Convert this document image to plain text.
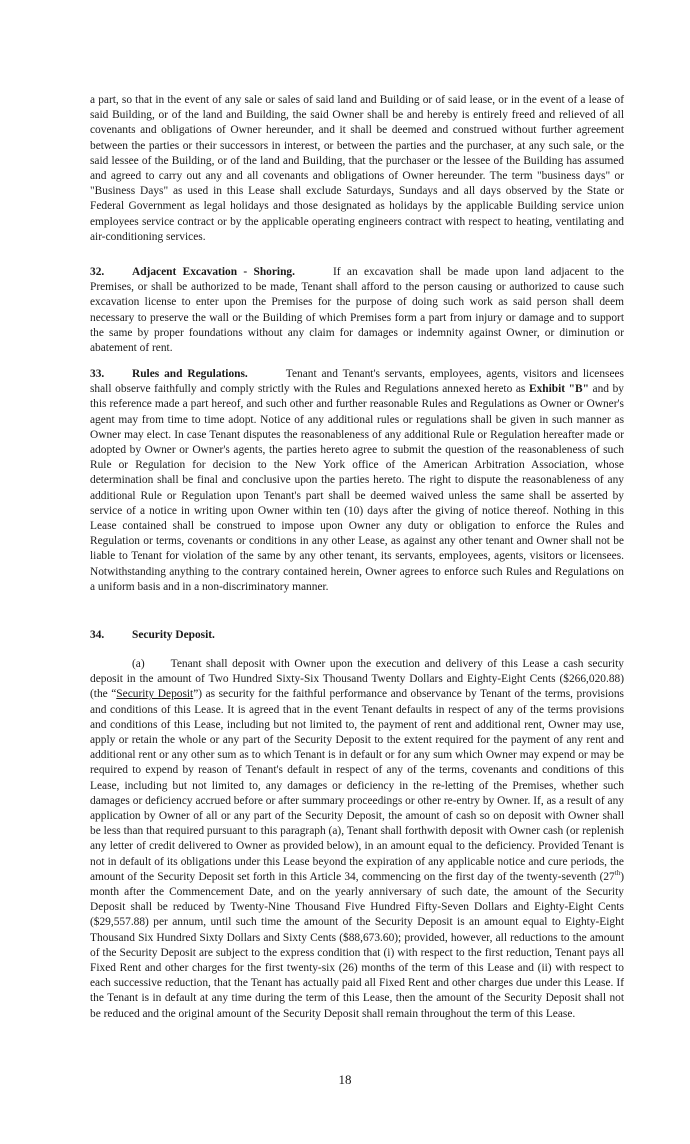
a part, so that in the event of any sale or sales of said land and Building or of said lease, or in the event of a lease of said Building, or of the land and Building, the said Owner shall be and hereby is entirely freed and relieved of all covenants and obligations of Owner hereunder, and it shall be deemed and construed without further agreement between the parties or their successors in interest, or between the parties and the purchaser, at any such sale, or the said lessee of the Building, or of the land and Building, that the purchaser or the lessee of the Building has assumed and agreed to carry out any and all covenants and obligations of Owner hereunder. The term "business days" or "Business Days" as used in this Lease shall exclude Saturdays, Sundays and all days observed by the State or Federal Government as legal holidays and those designated as holidays by the applicable Building service union employees service contract or by the applicable operating engineers contract with respect to heating, ventilating and air-conditioning services.
32. Adjacent Excavation - Shoring.	If an excavation shall be made upon land adjacent to the Premises, or shall be authorized to be made, Tenant shall afford to the person causing or authorized to cause such excavation license to enter upon the Premises for the purpose of doing such work as said person shall deem necessary to preserve the wall or the Building of which Premises form a part from injury or damage and to support the same by proper foundations without any claim for damages or indemnity against Owner, or diminution or abatement of rent.
33. Rules and Regulations.	Tenant and Tenant's servants, employees, agents, visitors and licensees shall observe faithfully and comply strictly with the Rules and Regulations annexed hereto as Exhibit "B" and by this reference made a part hereof, and such other and further reasonable Rules and Regulations as Owner or Owner's agent may from time to time adopt. Notice of any additional rules or regulations shall be given in such manner as Owner may elect. In case Tenant disputes the reasonableness of any additional Rule or Regulation hereafter made or adopted by Owner or Owner's agents, the parties hereto agree to submit the question of the reasonableness of such Rule or Regulation for decision to the New York office of the American Arbitration Association, whose determination shall be final and conclusive upon the parties hereto. The right to dispute the reasonableness of any additional Rule or Regulation upon Tenant's part shall be deemed waived unless the same shall be asserted by service of a notice in writing upon Owner within ten (10) days after the giving of notice thereof. Nothing in this Lease contained shall be construed to impose upon Owner any duty or obligation to enforce the Rules and Regulation or terms, covenants or conditions in any other Lease, as against any other tenant and Owner shall not be liable to Tenant for violation of the same by any other tenant, its servants, employees, agents, visitors or licensees. Notwithstanding anything to the contrary contained herein, Owner agrees to enforce such Rules and Regulations on a uniform basis and in a non-discriminatory manner.
34. Security Deposit.
(a) Tenant shall deposit with Owner upon the execution and delivery of this Lease a cash security deposit in the amount of Two Hundred Sixty-Six Thousand Twenty Dollars and Eighty-Eight Cents ($266,020.88) (the “Security Deposit”) as security for the faithful performance and observance by Tenant of the terms, provisions and conditions of this Lease. It is agreed that in the event Tenant defaults in respect of any of the terms provisions and conditions of this Lease, including but not limited to, the payment of rent and additional rent, Owner may use, apply or retain the whole or any part of the Security Deposit to the extent required for the payment of any rent and additional rent or any other sum as to which Tenant is in default or for any sum which Owner may expend or may be required to expend by reason of Tenant's default in respect of any of the terms, covenants and conditions of this Lease, including but not limited to, any damages or deficiency in the re-letting of the Premises, whether such damages or deficiency accrued before or after summary proceedings or other re-entry by Owner. If, as a result of any application by Owner of all or any part of the Security Deposit, the amount of cash so on deposit with Owner shall be less than that required pursuant to this paragraph (a), Tenant shall forthwith deposit with Owner cash (or replenish any letter of credit delivered to Owner as provided below), in an amount equal to the deficiency. Provided Tenant is not in default of its obligations under this Lease beyond the expiration of any applicable notice and cure periods, the amount of the Security Deposit set forth in this Article 34, commencing on the first day of the twenty-seventh (27th) month after the Commencement Date, and on the yearly anniversary of such date, the amount of the Security Deposit shall be reduced by Twenty-Nine Thousand Five Hundred Fifty-Seven Dollars and Eighty-Eight Cents ($29,557.88) per annum, until such time the amount of the Security Deposit is an amount equal to Eighty-Eight Thousand Six Hundred Sixty Dollars and Sixty Cents ($88,673.60); provided, however, all reductions to the amount of the Security Deposit are subject to the express condition that (i) with respect to the first reduction, Tenant pays all Fixed Rent and other charges for the first twenty-six (26) months of the term of this Lease and (ii) with respect to each successive reduction, that the Tenant has actually paid all Fixed Rent and other charges due under this Lease. If the Tenant is in default at any time during the term of this Lease, then the amount of the Security Deposit shall not be reduced and the original amount of the Security Deposit shall remain throughout the term of this Lease.
18
